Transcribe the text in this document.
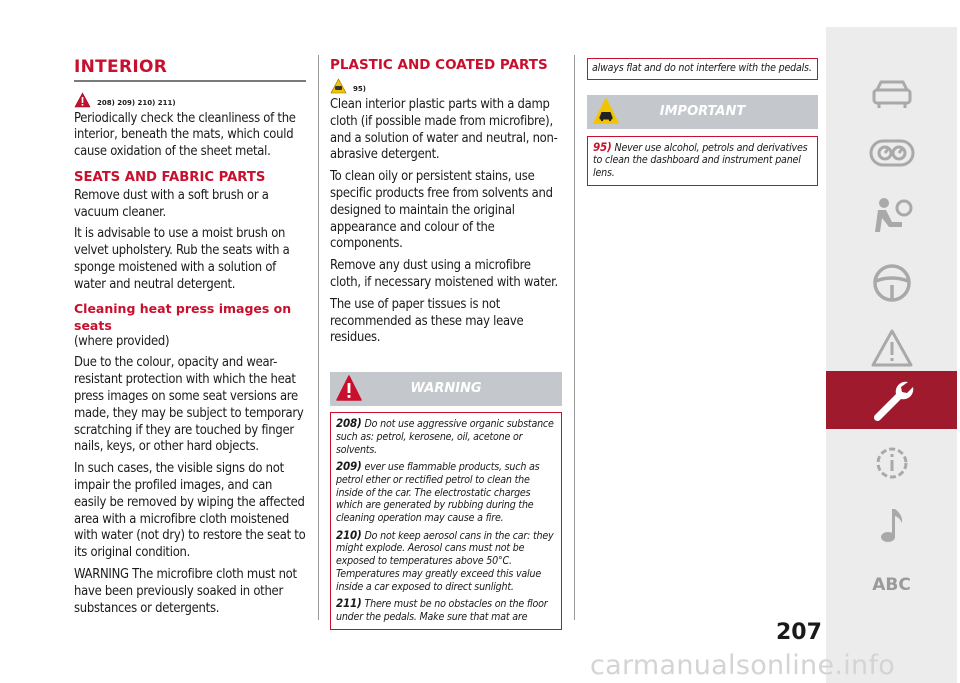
INTERIOR
208) 209) 210) 211)

Periodically check the cleanliness of the interior, beneath the mats, which could cause oxidation of the sheet metal.

SEATS AND FABRIC PARTS

Remove dust with a soft brush or a vacuum cleaner.

It is advisable to use a moist brush on velvet upholstery. Rub the seats with a sponge moistened with a solution of water and neutral detergent.

Cleaning heat press images on seats

(where provided)

Due to the colour, opacity and wear-resistant protection with which the heat press images on some seat versions are made, they may be subject to temporary scratching if they are touched by finger nails, keys, or other hard objects.

In such cases, the visible signs do not impair the profiled images, and can easily be removed by wiping the affected area with a microfibre cloth moistened with water (not dry) to restore the seat to its original condition.

WARNING The microfibre cloth must not have been previously soaked in other substances or detergents.

PLASTIC AND COATED PARTS
95)

Clean interior plastic parts with a damp cloth (if possible made from microfibre), and a solution of water and neutral, non-abrasive detergent.

To clean oily or persistent stains, use specific products free from solvents and designed to maintain the original appearance and colour of the components.

Remove any dust using a microfibre cloth, if necessary moistened with water.

The use of paper tissues is not recommended as these may leave residues.

WARNING

208) Do not use aggressive organic substance such as: petrol, kerosene, oil, acetone or solvents.

209) ever use flammable products, such as petrol ether or rectified petrol to clean the inside of the car. The electrostatic charges which are generated by rubbing during the cleaning operation may cause a fire.

210) Do not keep aerosol cans in the car: they might explode. Aerosol cans must not be exposed to temperatures above 50°C. Temperatures may greatly exceed this value inside a car exposed to direct sunlight.

211) There must be no obstacles on the floor under the pedals. Make sure that mat are

always flat and do not interfere with the pedals.
IMPORTANT

95) Never use alcohol, petrols and derivatives to clean the dashboard and instrument panel lens.

ABC
207
carmanualsonline.info
